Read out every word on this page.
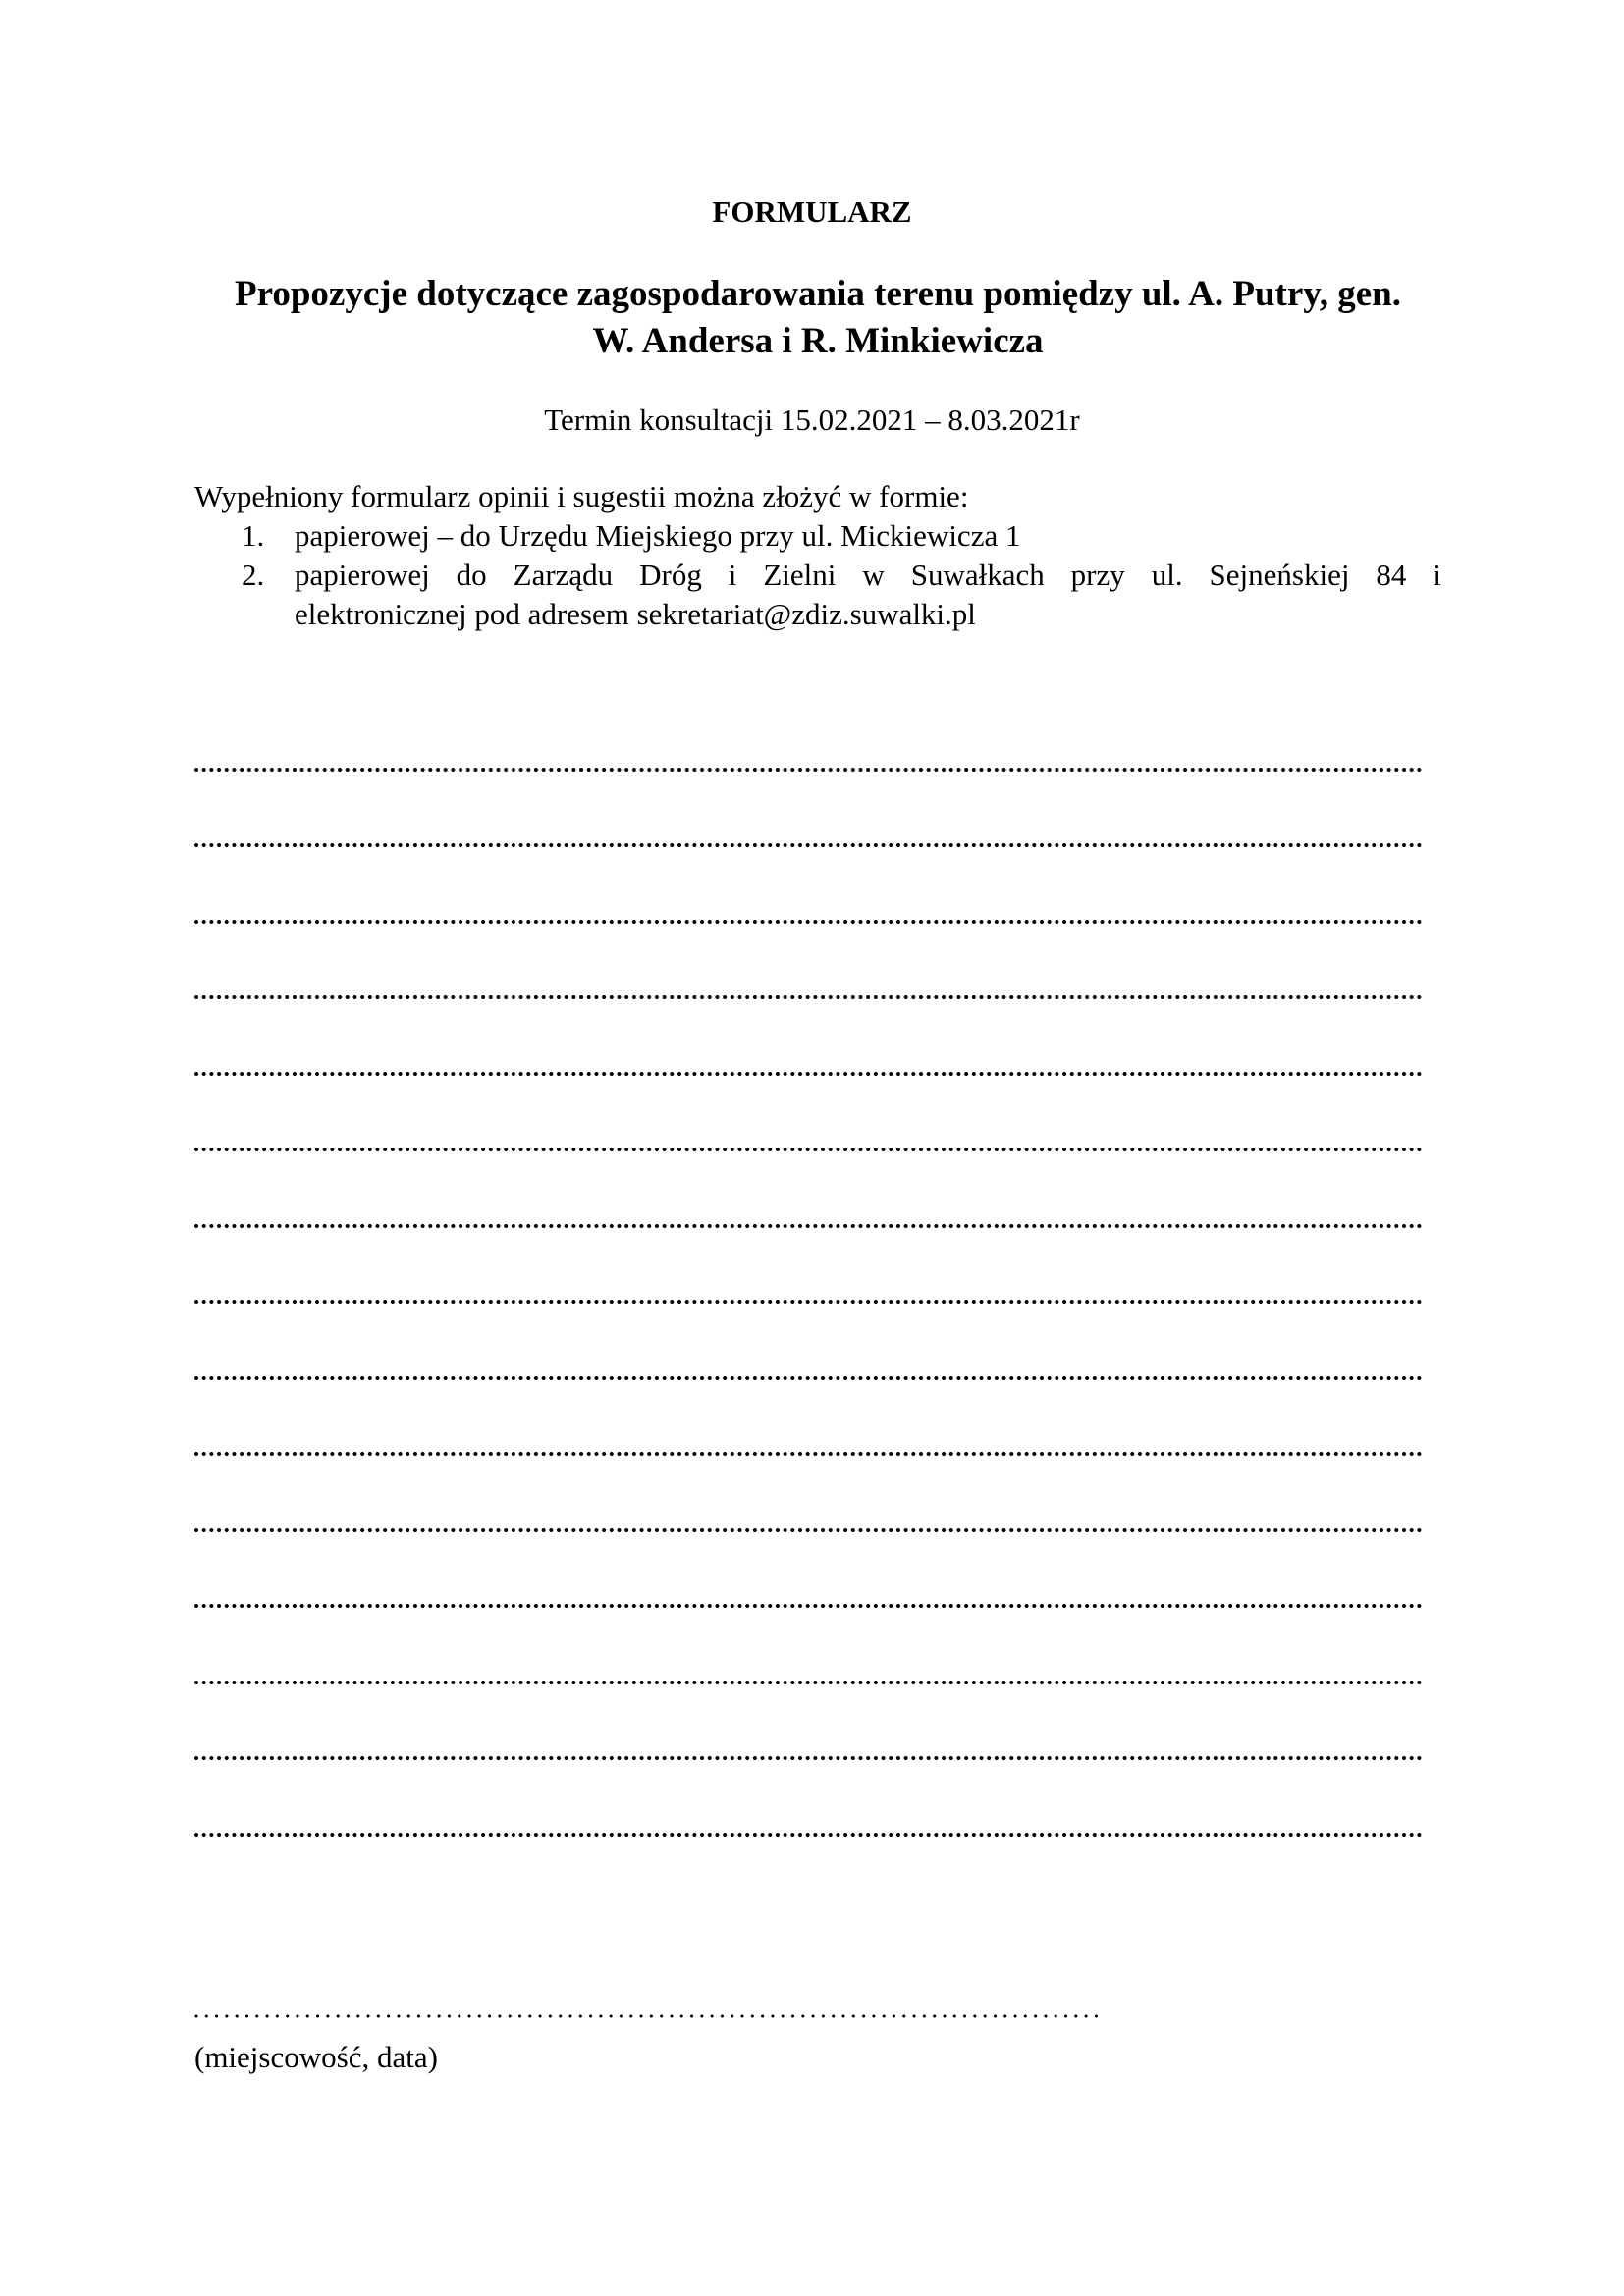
FORMULARZ

Propozycje dotyczące zagospodarowania terenu pomiędzy ul. A. Putry, gen.
W. Andersa i R. Minkiewicza

Termin konsultacji 15.02.2021 – 8.03.2021r

Wypełniony formularz opinii i sugestii można złożyć w formie:

1. papierowej – do Urzędu Miejskiego przy ul. Mickiewicza 1
2. papierowej do Zarządu Dróg i Zielni w Suwałkach przy ul. Sejneńskiej 84 i
elektronicznej pod adresem sekretariat@zdiz.suwalki.pl

(miejscowość, data)
